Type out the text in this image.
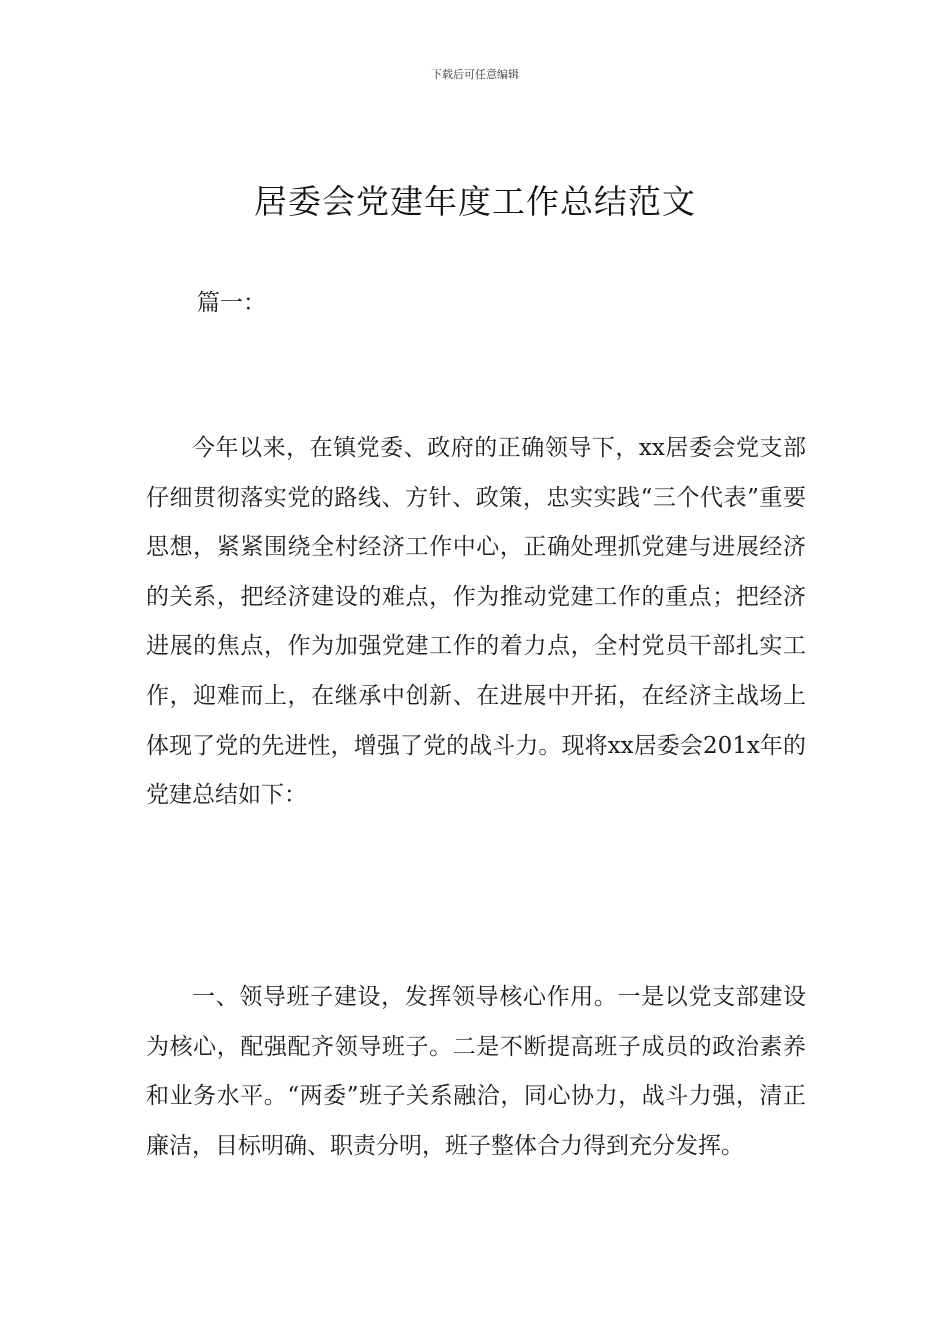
下载后可任意编辑
居委会党建年度工作总结范文
篇一：

今年以来，在镇党委、政府的正确领导下，xx居委会党支部仔细贯彻落实党的路线、方针、政策，忠实实践“三个代表”重要思想，紧紧围绕全村经济工作中心，正确处理抓党建与进展经济的关系，把经济建设的难点，作为推动党建工作的重点；把经济进展的焦点，作为加强党建工作的着力点，全村党员干部扎实工作，迎难而上，在继承中创新、在进展中开拓，在经济主战场上体现了党的先进性，增强了党的战斗力。现将xx居委会201x年的党建总结如下：

一、领导班子建设，发挥领导核心作用。一是以党支部建设为核心，配强配齐领导班子。二是不断提高班子成员的政治素养和业务水平。“两委”班子关系融洽，同心协力，战斗力强，清正廉洁，目标明确、职责分明，班子整体合力得到充分发挥。
